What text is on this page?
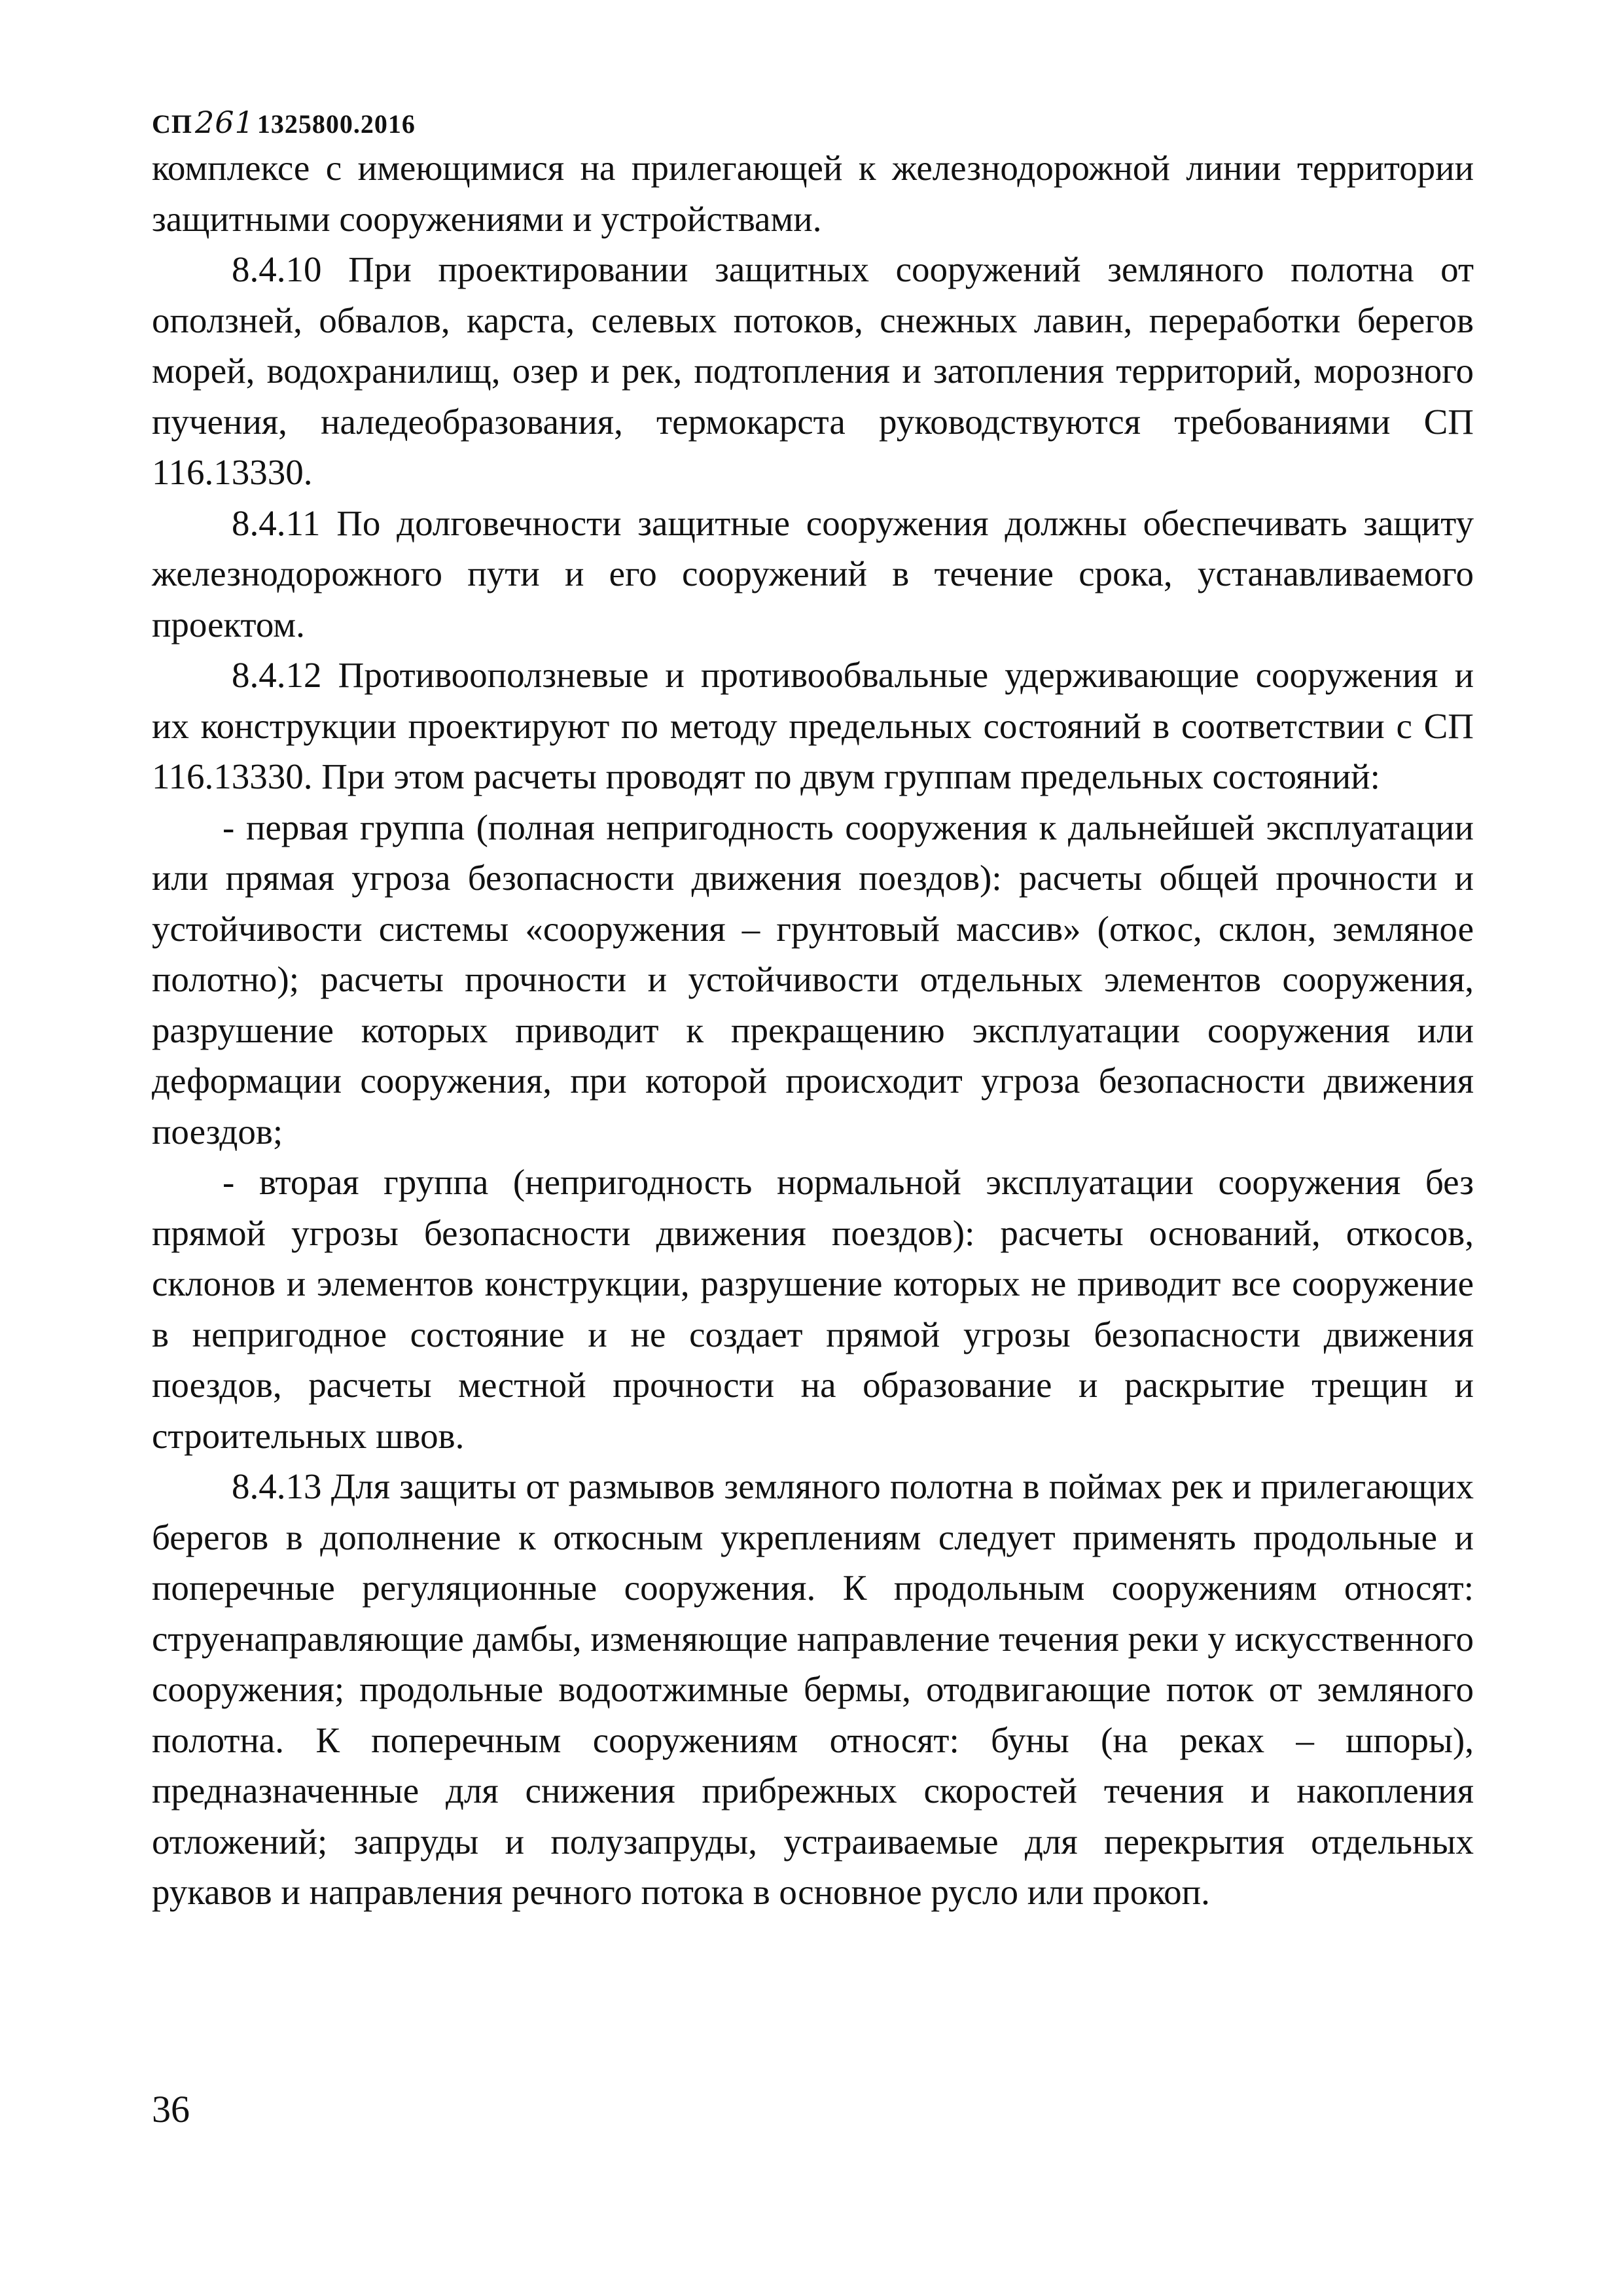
СП261 1325800.2016

комплексе с имеющимися на прилегающей к железнодорожной линии территории защитными сооружениями и устройствами.

8.4.10 При проектировании защитных сооружений земляного полотна от оползней, обвалов, карста, селевых потоков, снежных лавин, переработки берегов морей, водохранилищ, озер и рек, подтопления и затопления территорий, морозного пучения, наледеобразования, термокарста руководствуются требованиями СП 116.13330.

8.4.11 По долговечности защитные сооружения должны обеспечивать защиту железнодорожного пути и его сооружений в течение срока, устанавливаемого проектом.

8.4.12 Противооползневые и противообвальные удерживающие сооружения и их конструкции проектируют по методу предельных состояний в соответствии с СП 116.13330. При этом расчеты проводят по двум группам предельных состояний:

- первая группа (полная непригодность сооружения к дальнейшей эксплуатации или прямая угроза безопасности движения поездов): расчеты общей прочности и устойчивости системы «сооружения – грунтовый массив» (откос, склон, земляное полотно); расчеты прочности и устойчивости отдельных элементов сооружения, разрушение которых приводит к прекращению эксплуатации сооружения или деформации сооружения, при которой происходит угроза безопасности движения поездов;

- вторая группа (непригодность нормальной эксплуатации сооружения без прямой угрозы безопасности движения поездов): расчеты оснований, откосов, склонов и элементов конструкции, разрушение которых не приводит все сооружение в непригодное состояние и не создает прямой угрозы безопасности движения поездов, расчеты местной прочности на образование и раскрытие трещин и строительных швов.

8.4.13 Для защиты от размывов земляного полотна в поймах рек и прилегающих берегов в дополнение к откосным укреплениям следует применять продольные и поперечные регуляционные сооружения. К продольным сооружениям относят: струенаправляющие дамбы, изменяющие направление течения реки у искусственного сооружения; продольные водоотжимные бермы, отодвигающие поток от земляного полотна. К поперечным сооружениям относят: буны (на реках – шпоры), предназначенные для снижения прибрежных скоростей течения и накопления отложений; запруды и полузапруды, устраиваемые для перекрытия отдельных рукавов и направления речного потока в основное русло или прокоп.

36
